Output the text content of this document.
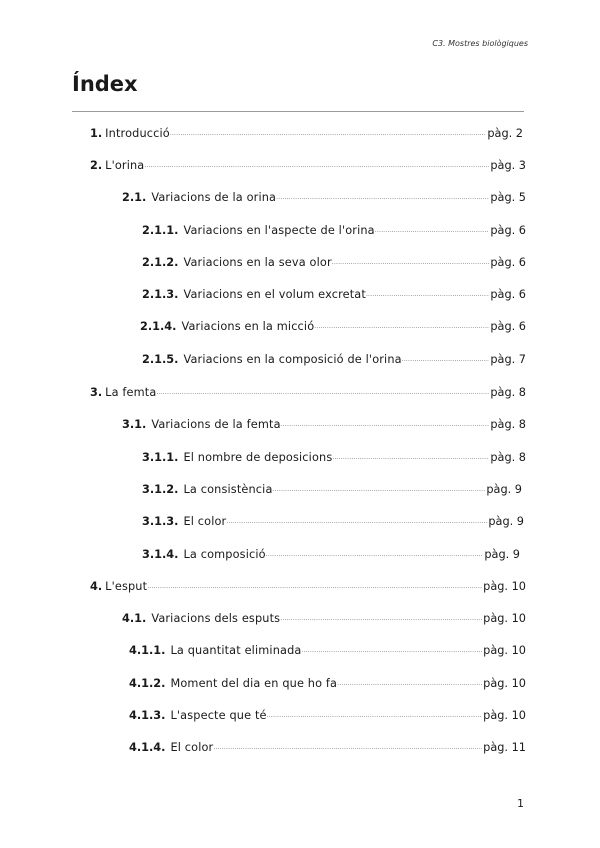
C3. Mostres biològiques
Índex
1. Introducció .....	pàg. 2
2. L'orina .....	pàg. 3
2.1. Variacions de la orina .....	pàg. 5
2.1.1. Variacions en l'aspecte de l'orina .....	pàg. 6
2.1.2. Variacions en la seva olor .....	pàg. 6
2.1.3. Variacions en el volum excretat .....	pàg. 6
2.1.4. Variacions en la micció .....	pàg. 6
2.1.5. Variacions en la composició de l'orina .....	pàg. 7
3. La femta .....	pàg. 8
3.1. Variacions de la femta .....	pàg. 8
3.1.1. El nombre de deposicions .....	pàg. 8
3.1.2. La consistència .....	pàg. 9
3.1.3. El color .....	pàg. 9
3.1.4. La composició .....	pàg. 9
4. L'esput .....	pàg. 10
4.1. Variacions dels esputs .....	pàg. 10
4.1.1. La quantitat eliminada .....	pàg. 10
4.1.2. Moment del dia en que ho fa .....	pàg. 10
4.1.3. L'aspecte que té .....	pàg. 10
4.1.4. El color .....	pàg. 11
1
